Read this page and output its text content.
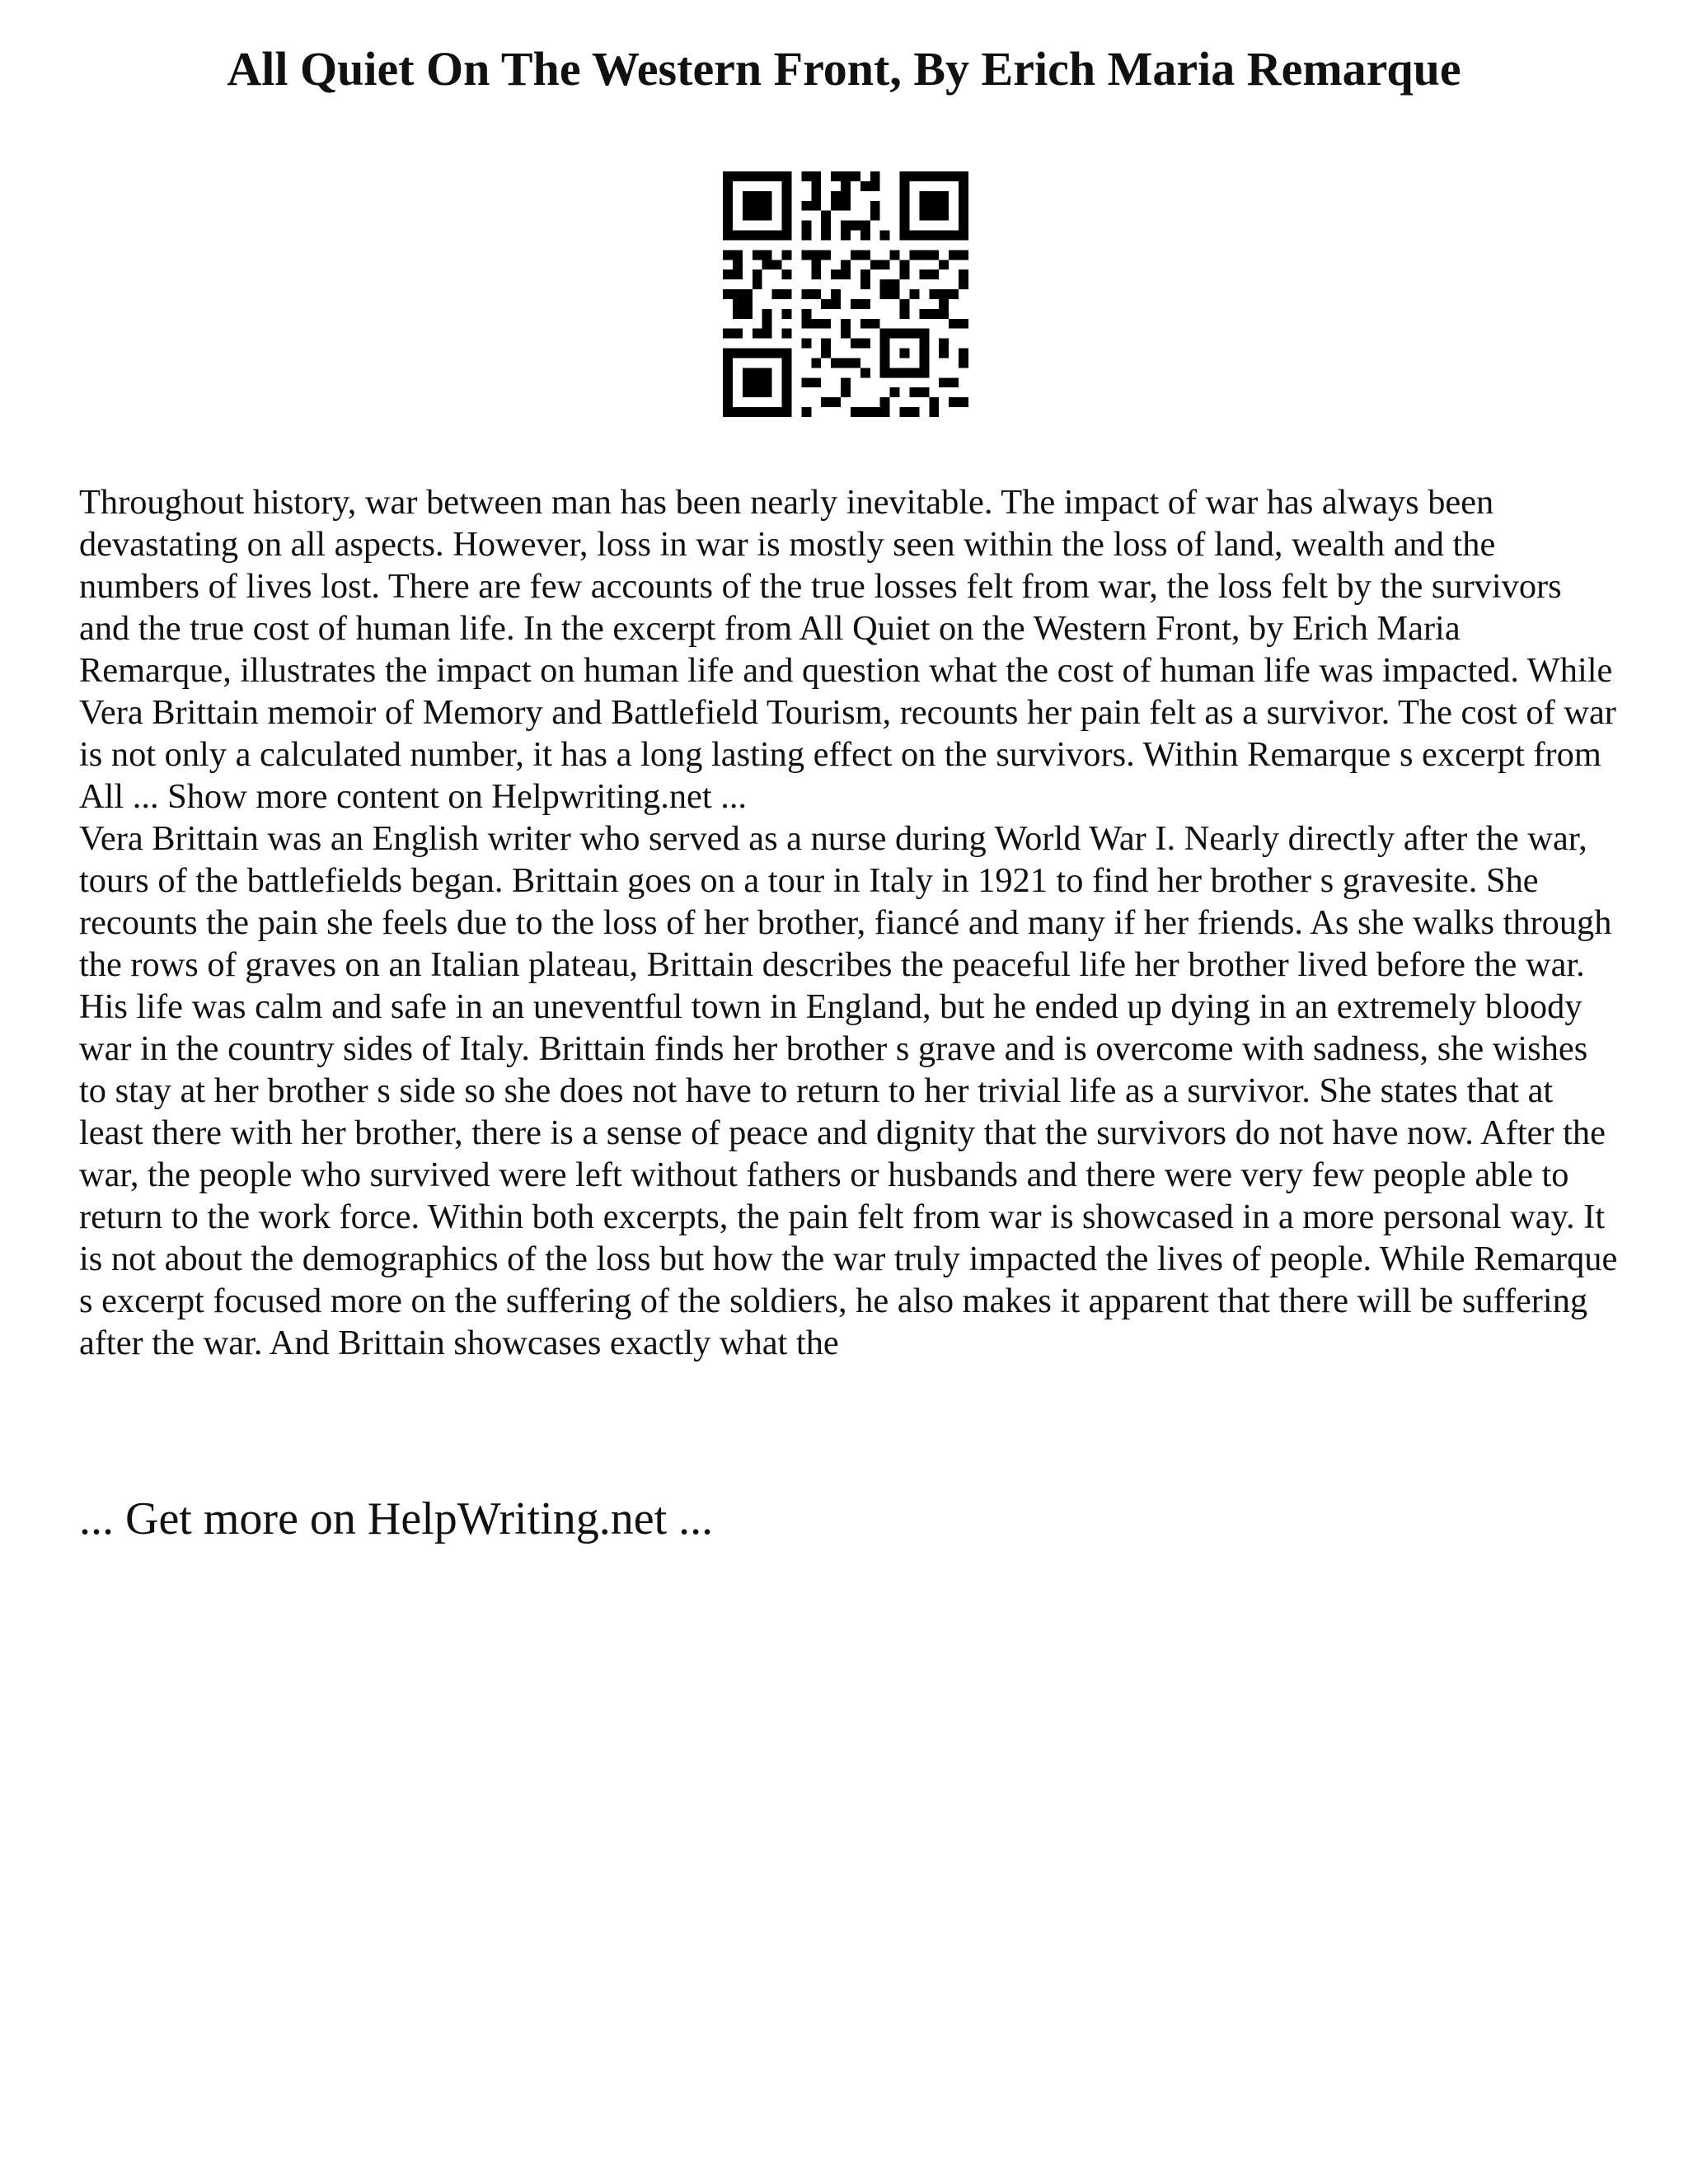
All Quiet On The Western Front, By Erich Maria Remarque

Throughout history, war between man has been nearly inevitable. The impact of war has always been devastating on all aspects. However, loss in war is mostly seen within the loss of land, wealth and the numbers of lives lost. There are few accounts of the true losses felt from war, the loss felt by the survivors and the true cost of human life. In the excerpt from All Quiet on the Western Front, by Erich Maria Remarque, illustrates the impact on human life and question what the cost of human life was impacted. While Vera Brittain memoir of Memory and Battlefield Tourism, recounts her pain felt as a survivor. The cost of war is not only a calculated number, it has a long lasting effect on the survivors. Within Remarque s excerpt from All ... Show more content on Helpwriting.net ...

Vera Brittain was an English writer who served as a nurse during World War I. Nearly directly after the war, tours of the battlefields began. Brittain goes on a tour in Italy in 1921 to find her brother s gravesite. She recounts the pain she feels due to the loss of her brother, fiancé and many if her friends. As she walks through the rows of graves on an Italian plateau, Brittain describes the peaceful life her brother lived before the war. His life was calm and safe in an uneventful town in England, but he ended up dying in an extremely bloody war in the country sides of Italy. Brittain finds her brother s grave and is overcome with sadness, she wishes to stay at her brother s side so she does not have to return to her trivial life as a survivor. She states that at least there with her brother, there is a sense of peace and dignity that the survivors do not have now. After the war, the people who survived were left without fathers or husbands and there were very few people able to return to the work force. Within both excerpts, the pain felt from war is showcased in a more personal way. It is not about the demographics of the loss but how the war truly impacted the lives of people. While Remarque s excerpt focused more on the suffering of the soldiers, he also makes it apparent that there will be suffering after the war. And Brittain showcases exactly what the

... Get more on HelpWriting.net ...
